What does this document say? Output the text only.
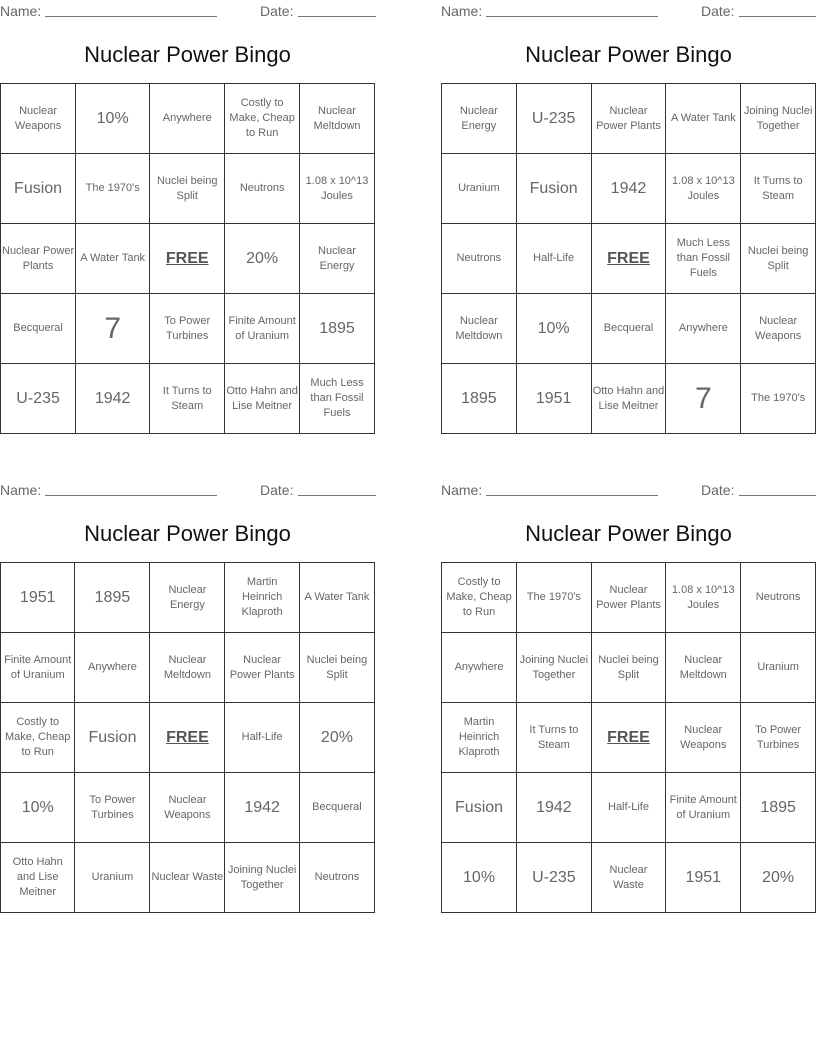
Name:	Date:
Nuclear Power Bingo
Nuclear Weapons	10%	Anywhere	Costly to Make, Cheap to Run	Nuclear Meltdown
Fusion	The 1970's	Nuclei being Split	Neutrons	1.08 x 10^13 Joules
Nuclear Power Plants	A Water Tank	FREE	20%	Nuclear Energy
Becqueral	7	To Power Turbines	Finite Amount of Uranium	1895
U-235	1942	It Turns to Steam	Otto Hahn and Lise Meitner	Much Less than Fossil Fuels
Name:	Date:
Nuclear Power Bingo
Nuclear Energy	U-235	Nuclear Power Plants	A Water Tank	Joining Nuclei Together
Uranium	Fusion	1942	1.08 x 10^13 Joules	It Turns to Steam
Neutrons	Half-Life	FREE	Much Less than Fossil Fuels	Nuclei being Split
Nuclear Meltdown	10%	Becqueral	Anywhere	Nuclear Weapons
1895	1951	Otto Hahn and Lise Meitner	7	The 1970's
Name:	Date:
Nuclear Power Bingo
1951	1895	Nuclear Energy	Martin Heinrich Klaproth	A Water Tank
Finite Amount of Uranium	Anywhere	Nuclear Meltdown	Nuclear Power Plants	Nuclei being Split
Costly to Make, Cheap to Run	Fusion	FREE	Half-Life	20%
10%	To Power Turbines	Nuclear Weapons	1942	Becqueral
Otto Hahn and Lise Meitner	Uranium	Nuclear Waste	Joining Nuclei Together	Neutrons
Name:	Date:
Nuclear Power Bingo
Costly to Make, Cheap to Run	The 1970's	Nuclear Power Plants	1.08 x 10^13 Joules	Neutrons
Anywhere	Joining Nuclei Together	Nuclei being Split	Nuclear Meltdown	Uranium
Martin Heinrich Klaproth	It Turns to Steam	FREE	Nuclear Weapons	To Power Turbines
Fusion	1942	Half-Life	Finite Amount of Uranium	1895
10%	U-235	Nuclear Waste	1951	20%
